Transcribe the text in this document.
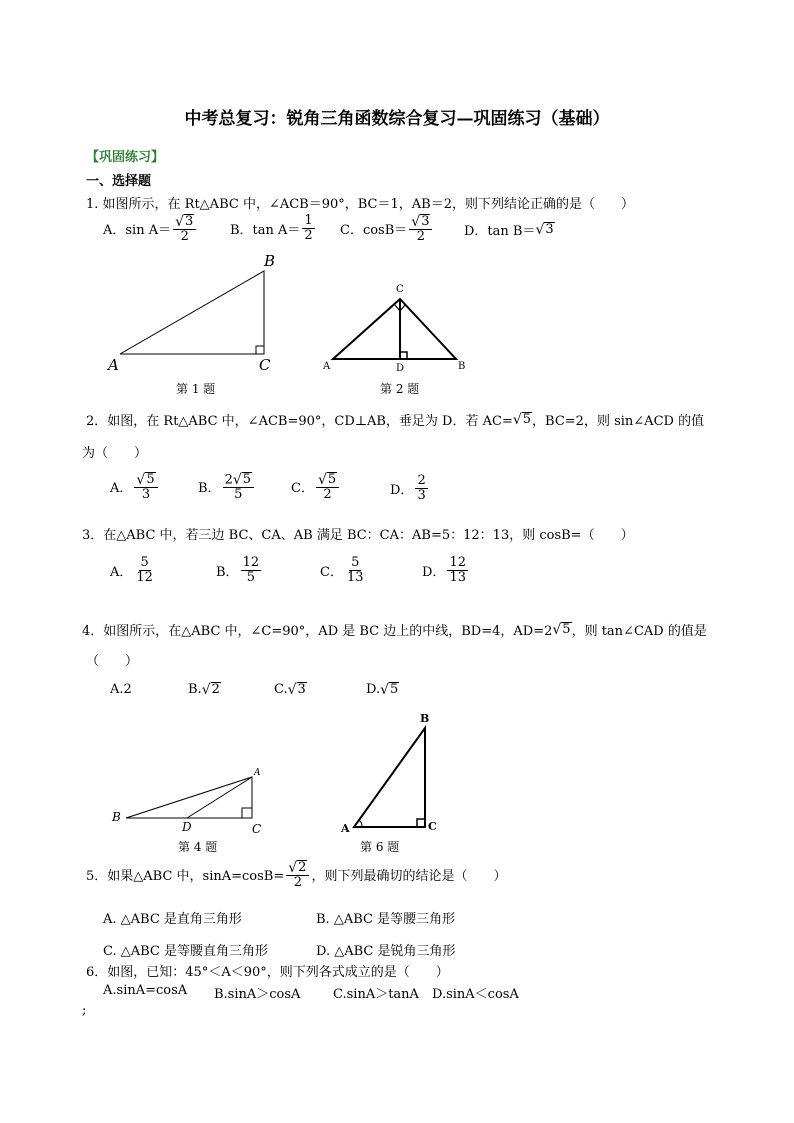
中考总复习：锐角三角函数综合复习—巩固练习（基础）
【巩固练习】
一、选择题
1. 如图所示，在 Rt△ABC 中，∠ACB＝90°，BC＝1，AB＝2，则下列结论正确的是（　　）
A．$\sin A= \frac{√ 3}{2}$	B．$\tan A= \frac{1}{2}$ C．$\cos B= \frac{√ 3}{2}$ D．tan B＝ √ 3
A
B
C
第 1 题
C
A	D	B
第 2 题
2．如图，在 Rt△ABC 中，∠ACB=90°，CD⊥AB，垂足为 D．若 AC= √ 5 ，BC=2，则 sin∠ACD 的值
为（　　）
A． $\frac{√ 5}{3}$	B． $\frac{2 √ 5}{5}$	C． $\frac{√ 5}{2}$	D． $\frac{2}{3}$
3．在△ABC 中，若三边 BC、CA、AB 满足 BC：CA：AB=5：12：13，则 cosB=（　　）
A． $\frac{5}{12}$	B． $\frac{12}{5}$	C． $\frac{5}{13}$	D． $\frac{12}{13}$
4．如图所示，在△ABC 中，∠C=90°，AD 是 BC 边上的中线，BD=4，AD=2 √ 5 ，则 tan∠CAD 的值是
（　　）
A.2	B. √ 2	C. √ 3	D. √ 5
B
D	C
A
第 4 题
B
A	C
第 6 题
5．如果△ABC 中，$\sin A=\cos B= \frac{√ 2}{2}$ ，则下列最确切的结论是（　　）
A. △ABC 是直角三角形	B. △ABC 是等腰三角形
C. △ABC 是等腰直角三角形	D. △ABC 是锐角三角形
6．如图，已知：45°＜A＜90°，则下列各式成立的是（　　）
A.sinA=cosA B.sinA＞cosA	C.sinA＞tanA D.sinA＜cosA
;
